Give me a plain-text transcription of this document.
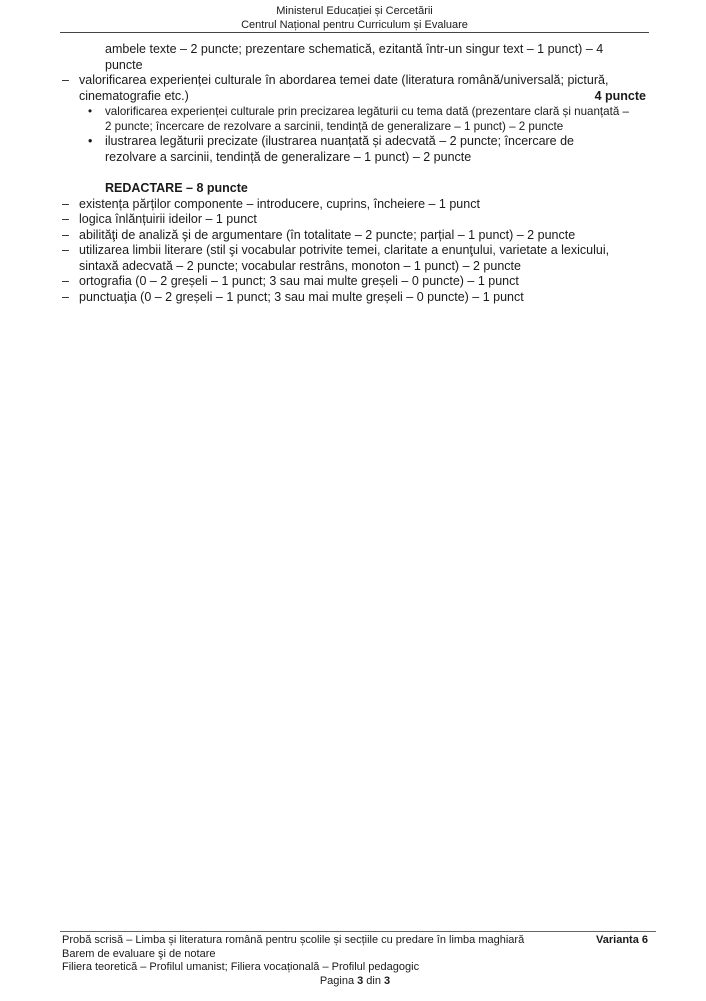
Ministerul Educației și Cercetării
Centrul Național pentru Curriculum și Evaluare
ambele texte – 2 puncte; prezentare schematică, ezitantă într-un singur text – 1 punct) – 4
puncte
– valorificarea experienței culturale în abordarea temei date (literatura română/universală; pictură,
cinematografie etc.)	4 puncte
• valorificarea experienței culturale prin precizarea legăturii cu tema dată (prezentare clară și nuanțată –
2 puncte; încercare de rezolvare a sarcinii, tendință de generalizare – 1 punct) – 2 puncte
• ilustrarea legăturii precizate (ilustrarea nuanțată și adecvată – 2 puncte; încercare de
rezolvare a sarcinii, tendință de generalizare – 1 punct) – 2 puncte
REDACTARE – 8 puncte
– existența părților componente – introducere, cuprins, încheiere – 1 punct
– logica înlănțuirii ideilor – 1 punct
– abilităţi de analiză şi de argumentare (în totalitate – 2 puncte; parțial – 1 punct) – 2 puncte
– utilizarea limbii literare (stil şi vocabular potrivite temei, claritate a enunţului, varietate a lexicului,
sintaxă adecvată – 2 puncte; vocabular restrâns, monoton – 1 punct) – 2 puncte
– ortografia (0 – 2 greșeli – 1 punct; 3 sau mai multe greșeli – 0 puncte) – 1 punct
– punctuaţia (0 – 2 greșeli – 1 punct; 3 sau mai multe greșeli – 0 puncte) – 1 punct
Probă scrisă – Limba și literatura română pentru școlile și secțiile cu predare în limba maghiară	Varianta 6
Barem de evaluare şi de notare
Filiera teoretică – Profilul umanist; Filiera vocațională – Profilul pedagogic
Pagina 3 din 3
